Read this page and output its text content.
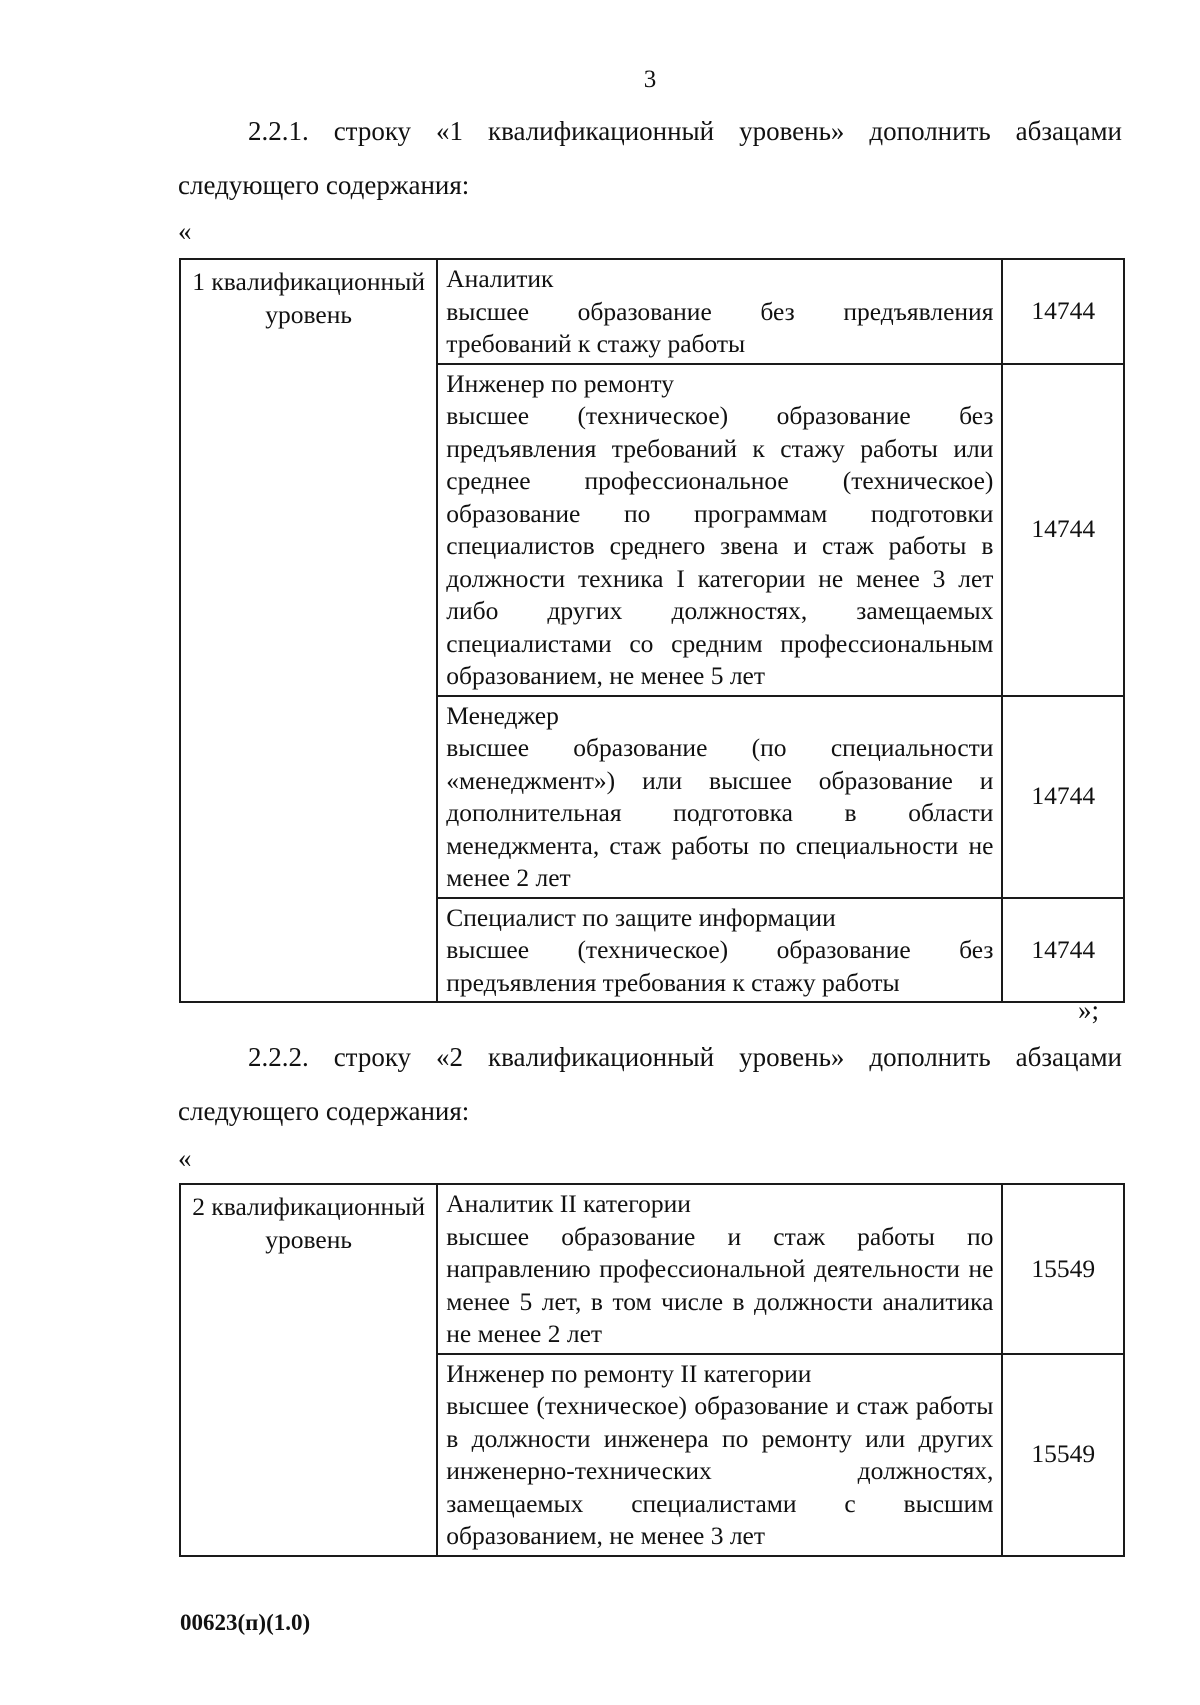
3

2.2.1. строку «1 квалификационный уровень» дополнить абзацами следующего содержания:

«
1 квалификационный уровень	Аналитик
высшее образование без предъявления требований к стажу работы	14744

	Инженер по ремонту
высшее (техническое) образование без предъявления требований к стажу работы или среднее профессиональное (техническое) образование по программам подготовки специалистов среднего звена и стаж работы в должности техника I категории не менее 3 лет либо других должностях, замещаемых специалистами со средним профессиональным образованием, не менее 5 лет	14744

	Менеджер
высшее образование (по специальности «менеджмент») или высшее образование и дополнительная подготовка в области менеджмента, стаж работы по специальности не менее 2 лет	14744

	Специалист по защите информации
высшее (техническое) образование без предъявления требования к стажу работы	14744
»;

2.2.2. строку «2 квалификационный уровень» дополнить абзацами следующего содержания:

«
2 квалификационный уровень	Аналитик II категории
высшее образование и стаж работы по направлению профессиональной деятельности не менее 5 лет, в том числе в должности аналитика не менее 2 лет	15549

	Инженер по ремонту II категории
высшее (техническое) образование и стаж работы в должности инженера по ремонту или других инженерно-технических должностях, замещаемых специалистами с высшим образованием, не менее 3 лет	15549
00623(п)(1.0)
